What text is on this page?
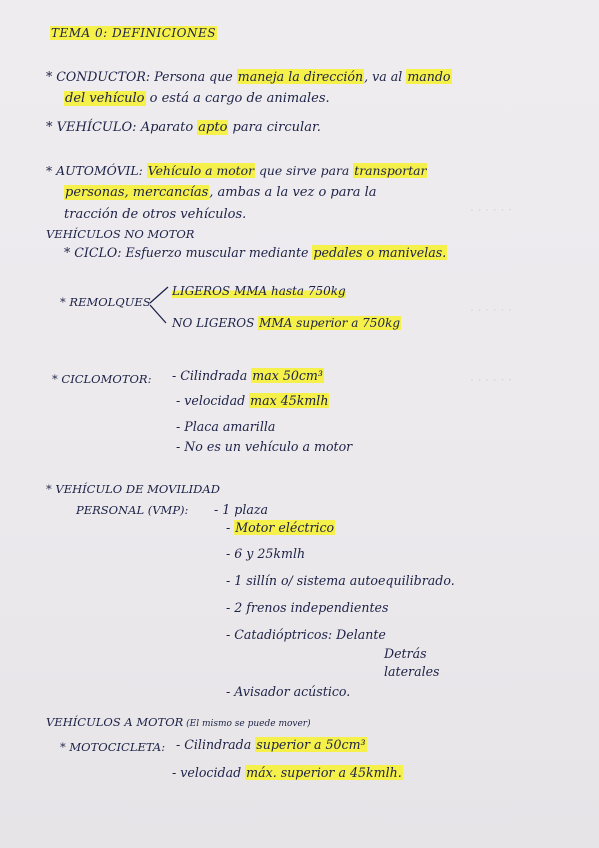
· · · · · ·
· · · · · ·
· · · · · ·
TEMA 0: DEFINICIONES
* CONDUCTOR: Persona que maneja la dirección, va al mando
del vehículo o está a cargo de animales.
* VEHÍCULO: Aparato apto para circular.
* AUTOMÓVIL: Vehículo a motor que sirve para transportar
personas, mercancías, ambas a la vez o para la
tracción de otros vehículos.
VEHÍCULOS NO MOTOR
* CICLO: Esfuerzo muscular mediante pedales o manivelas.
* REMOLQUES
LIGEROS MMA hasta 750kg
NO LIGEROS MMA superior a 750kg
* CICLOMOTOR: - Cilindrada max 50cm³
- velocidad max 45kmlh
- Placa amarilla
- No es un vehículo a motor
* VEHÍCULO DE MOVILIDAD
PERSONAL (VMP): - 1 plaza
- Motor eléctrico
- 6 y 25kmlh
- 1 sillín o/ sistema autoequilibrado.
- 2 frenos independientes
- Catadióptricos: Delante
Detrás
laterales
- Avisador acústico.
VEHÍCULOS A MOTOR (El mismo se puede mover)
* MOTOCICLETA: - Cilindrada superior a 50cm³
- velocidad máx. superior a 45kmlh.
